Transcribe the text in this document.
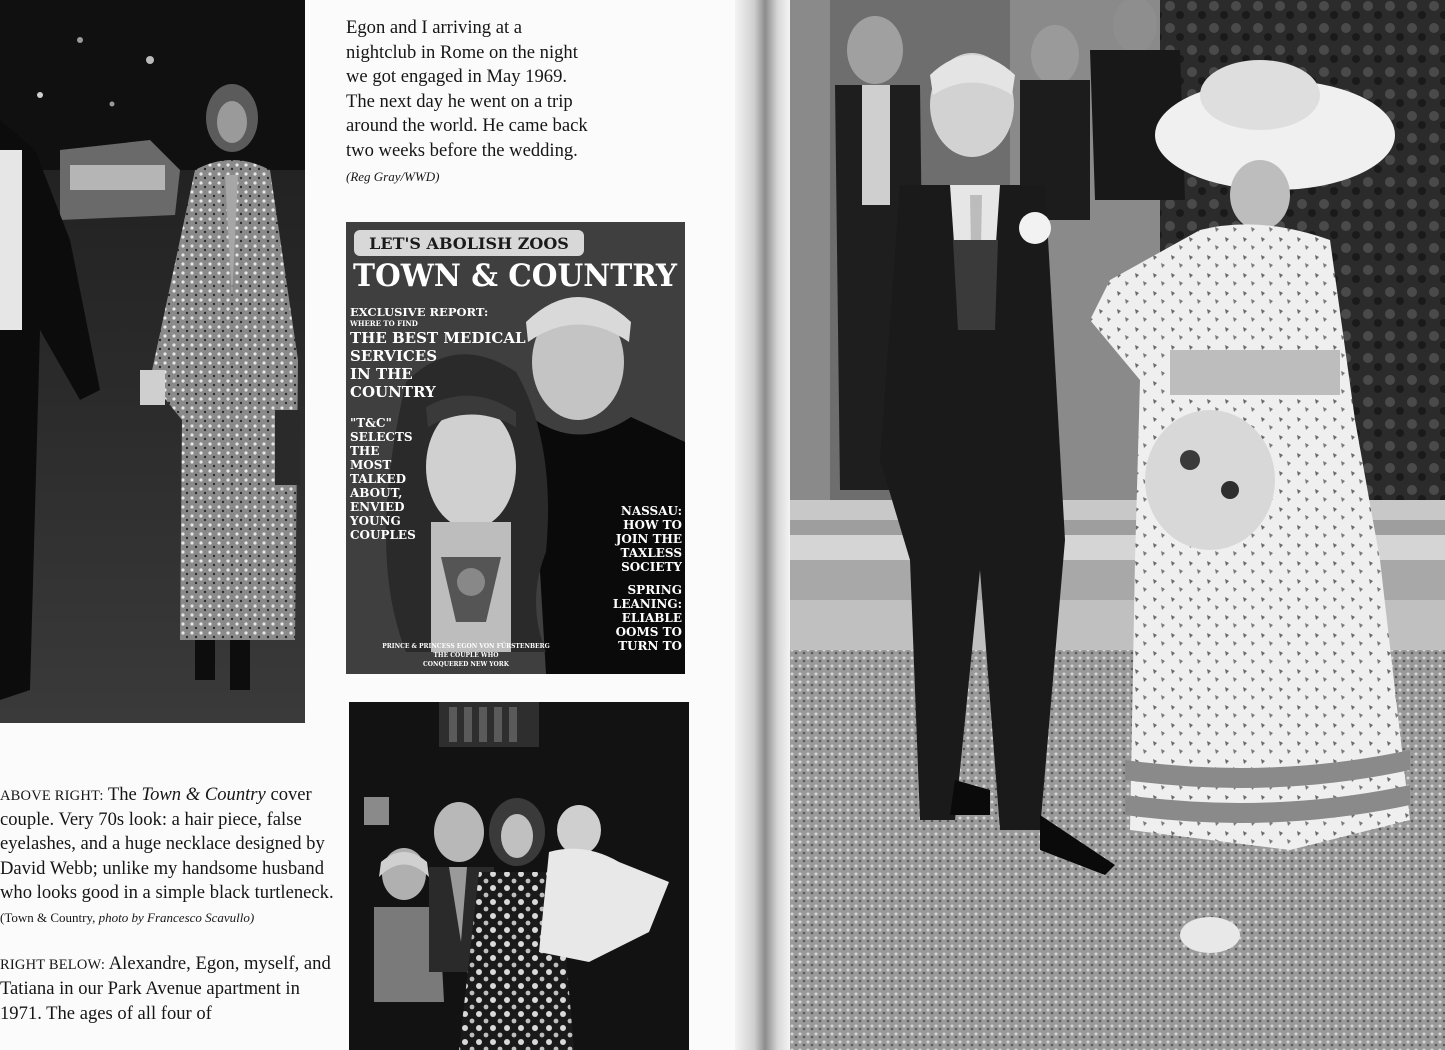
Egon and I arriving at a
nightclub in Rome on the night
we got engaged in May 1969.
The next day he went on a trip
around the world. He came back
two weeks before the wedding.
(Reg Gray/WWD)
LET'S ABOLISH ZOOS
TOWN & COUNTRY
EXCLUSIVE REPORT:
WHERE TO FIND
THE BEST MEDICAL
SERVICES
IN THE
COUNTRY
"T&C"
SELECTS
THE
MOST
TALKED
ABOUT,
ENVIED
YOUNG
COUPLES
NASSAU:
HOW TO
JOIN THE
TAXLESS
SOCIETY
SPRING
LEANING:
ELIABLE
OOMS TO
TURN TO
PRINCE & PRINCESS EGON VON FÜRSTENBERG
THE COUPLE WHO
CONQUERED NEW YORK

ABOVE RIGHT: The Town & Country cover couple. Very 70s look: a hair piece, false eyelashes, and a huge necklace designed by David Webb; unlike my handsome husband who looks good in a simple black turtleneck. (Town & Country, photo by Francesco Scavullo)

RIGHT BELOW: Alexandre, Egon, myself, and Tatiana in our Park Avenue apartment in 1971. The ages of all four of
